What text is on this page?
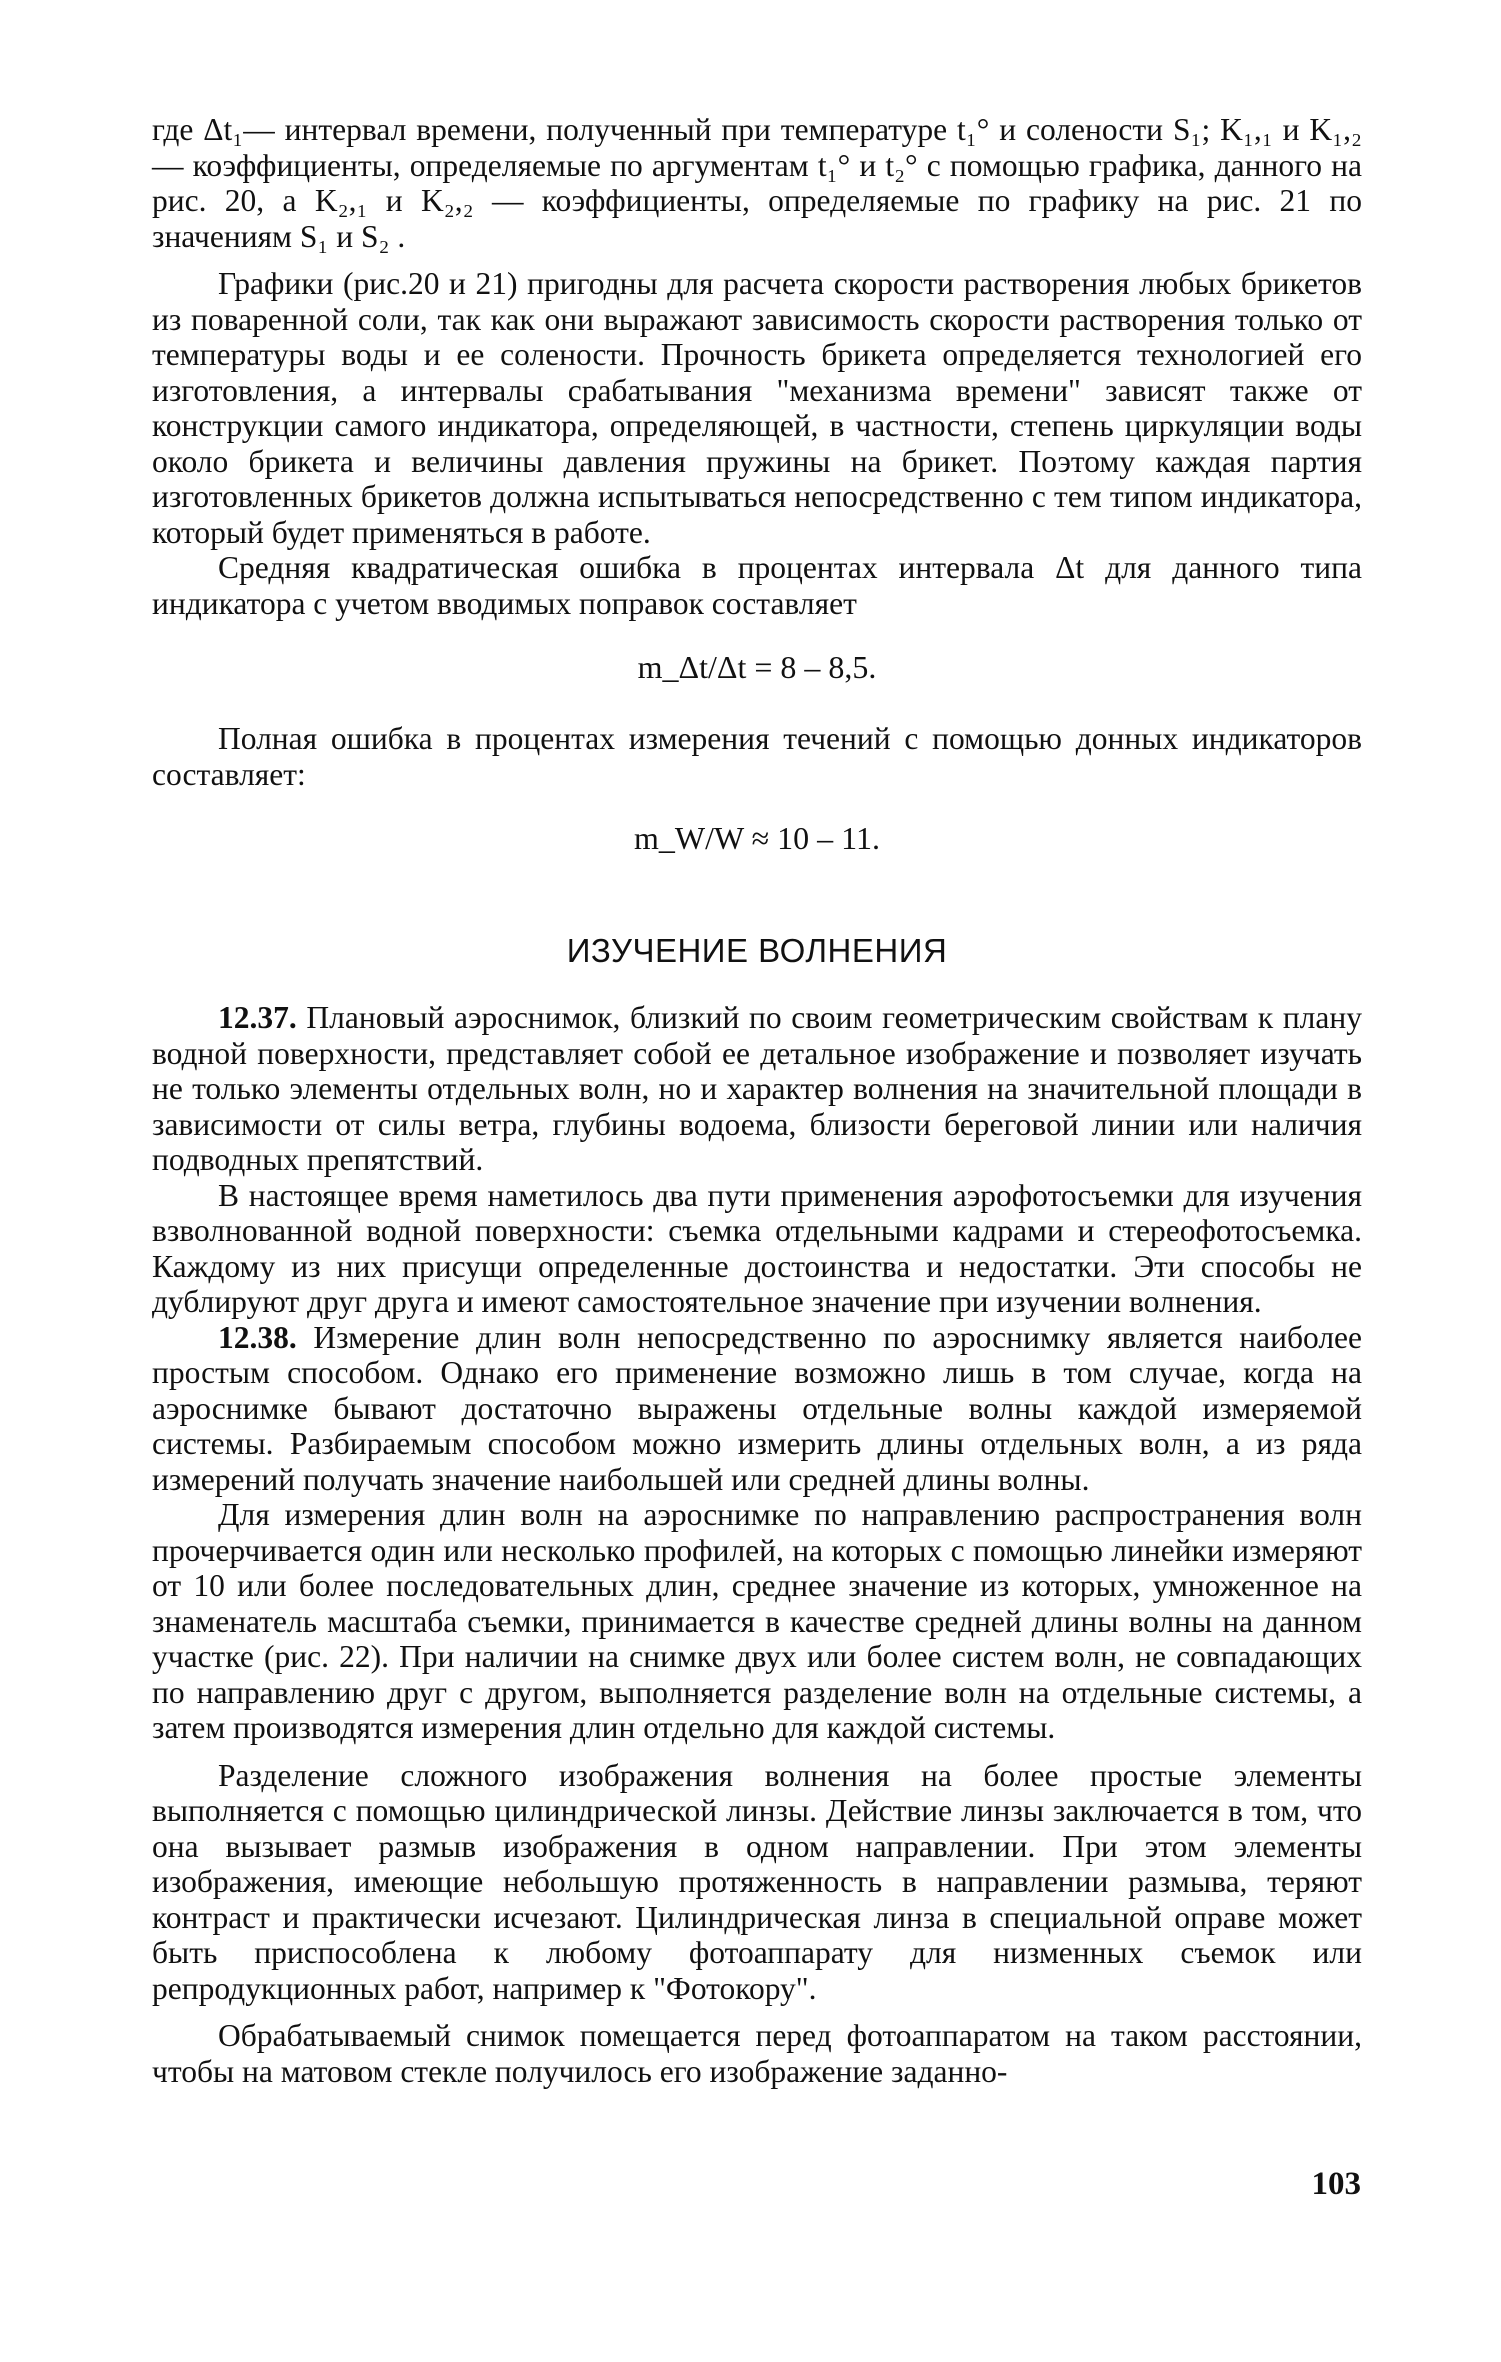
где Δt₁— интервал времени, полученный при температуре t₁° и солености S₁; K₁,₁ и K₁,₂ — коэффициенты, определяемые по аргументам t₁° и t₂° с помощью графика, данного на рис. 20, а K₂,₁ и K₂,₂ — коэффициенты, определяемые по графику на рис. 21 по значениям S₁ и S₂ .

Графики (рис.20 и 21) пригодны для расчета скорости растворения любых брикетов из поваренной соли, так как они выражают зависимость скорости растворения только от температуры воды и ее солености. Прочность брикета определяется технологией его изготовления, а интервалы срабатывания "механизма времени" зависят также от конструкции самого индикатора, определяющей, в частности, степень циркуляции воды около брикета и величины давления пружины на брикет. Поэтому каждая партия изготовленных брикетов должна испытываться непосредственно с тем типом индикатора, который будет применяться в работе.

Средняя квадратическая ошибка в процентах интервала Δt для данного типа индикатора с учетом вводимых поправок составляет

m_Δt/Δt = 8 – 8,5.

Полная ошибка в процентах измерения течений с помощью донных индикаторов составляет:

m_W/W ≈ 10 – 11.
ИЗУЧЕНИЕ ВОЛНЕНИЯ

12.37. Плановый аэроснимок, близкий по своим геометрическим свойствам к плану водной поверхности, представляет собой ее детальное изображение и позволяет изучать не только элементы отдельных волн, но и характер волнения на значительной площади в зависимости от силы ветра, глубины водоема, близости береговой линии или наличия подводных препятствий.

В настоящее время наметилось два пути применения аэрофотосъемки для изучения взволнованной водной поверхности: съемка отдельными кадрами и стереофотосъемка. Каждому из них присущи определенные достоинства и недостатки. Эти способы не дублируют друг друга и имеют самостоятельное значение при изучении волнения.

12.38. Измерение длин волн непосредственно по аэроснимку является наиболее простым способом. Однако его применение возможно лишь в том случае, когда на аэроснимке бывают достаточно выражены отдельные волны каждой измеряемой системы. Разбираемым способом можно измерить длины отдельных волн, а из ряда измерений получать значение наибольшей или средней длины волны.

Для измерения длин волн на аэроснимке по направлению распространения волн прочерчивается один или несколько профилей, на которых с помощью линейки измеряют от 10 или более последовательных длин, среднее значение из которых, умноженное на знаменатель масштаба съемки, принимается в качестве средней длины волны на данном участке (рис. 22). При наличии на снимке двух или более систем волн, не совпадающих по направлению друг с другом, выполняется разделение волн на отдельные системы, а затем производятся измерения длин отдельно для каждой системы.

Разделение сложного изображения волнения на более простые элементы выполняется с помощью цилиндрической линзы. Действие линзы заключается в том, что она вызывает размыв изображения в одном направлении. При этом элементы изображения, имеющие небольшую протяженность в направлении размыва, теряют контраст и практически исчезают. Цилиндрическая линза в специальной оправе может быть приспособлена к любому фотоаппарату для низменных съемок или репродукционных работ, например к "Фотокору".

Обрабатываемый снимок помещается перед фотоаппаратом на таком расстоянии, чтобы на матовом стекле получилось его изображение заданно-

103
